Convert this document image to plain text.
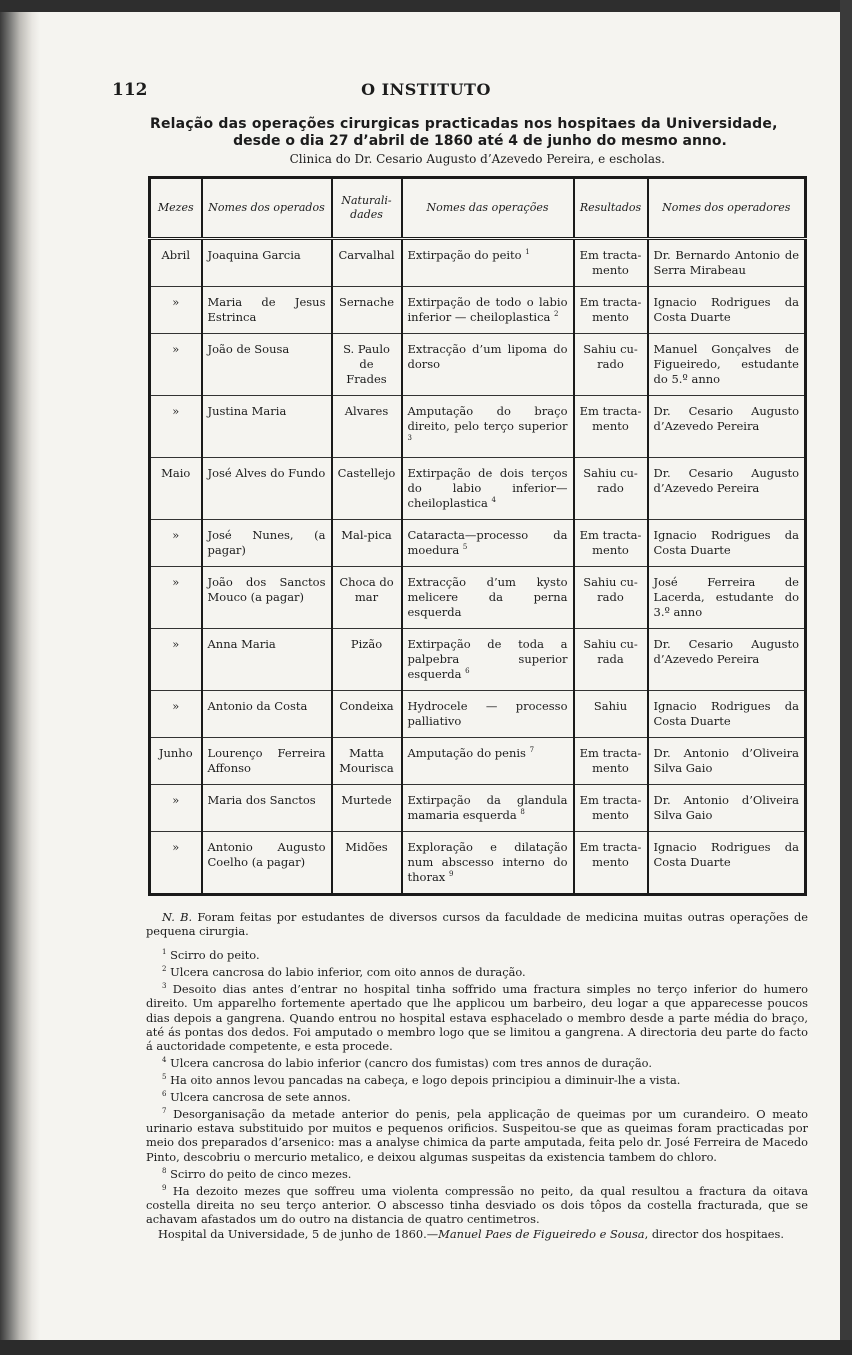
112	O INSTITUTO
Relação das operações cirurgicas practicadas nos hospitaes da Universidade,
desde o dia 27 d’abril de 1860 até 4 de junho do mesmo anno.
Clinica do Dr. Cesario Augusto d’Azevedo Pereira, e escholas.
Mezes	Nomes dos operados	Naturali-dades	Nomes das operações	Resultados	Nomes dos operadores
Abril	Joaquina Garcia	Carvalhal	Extirpação do peito $^1$	Em tracta-mento	Dr. Bernardo Antonio de Serra Mirabeau
»	Maria de Jesus Estrinca	Sernache	Extirpação de todo o labio inferior — cheiloplastica $^2$	Em tracta-mento	Ignacio Rodrigues da Costa Duarte
»	João de Sousa	S. Paulo de Frades	Extracção d’um lipoma do dorso	Sahiu cu-rado	Manuel Gonçalves de Figueiredo, estudante do 5.º anno
»	Justina Maria	Alvares	Amputação do braço direito, pelo terço superior $^3$	Em tracta-mento	Dr. Cesario Augusto d’Azevedo Pereira
Maio	José Alves do Fundo	Castellejo	Extirpação de dois terços do labio inferior—cheiloplastica $^4$	Sahiu cu-rado	Dr. Cesario Augusto d’Azevedo Pereira
»	José Nunes, (a pagar)	Mal-pica	Cataracta—processo da moedura $^5$	Em tracta-mento	Ignacio Rodrigues da Costa Duarte
»	João dos Sanctos Mouco (a pagar)	Choca do mar	Extracção d’um kysto melicere da perna esquerda	Sahiu cu-rado	José Ferreira de Lacerda, estudante do 3.º anno
»	Anna Maria	Pizão	Extirpação de toda a palpebra superior esquerda $^6$	Sahiu cu-rada	Dr. Cesario Augusto d’Azevedo Pereira
»	Antonio da Costa	Condeixa	Hydrocele — processo palliativo	Sahiu	Ignacio Rodrigues da Costa Duarte
Junho	Lourenço Ferreira Affonso	Matta Mourisca	Amputação do penis $^7$	Em tracta-mento	Dr. Antonio d’Oliveira Silva Gaio
»	Maria dos Sanctos	Murtede	Extirpação da glandula mamaria esquerda $^8$	Em tracta-mento	Dr. Antonio d’Oliveira Silva Gaio
»	Antonio Augusto Coelho (a pagar)	Midões	Exploração e dilatação num abscesso interno do thorax $^9$	Em tracta-mento	Ignacio Rodrigues da Costa Duarte

N. B. Foram feitas por estudantes de diversos cursos da faculdade de medicina muitas outras operações de pequena cirurgia.

$^1$ Scirro do peito.

$^2$ Ulcera cancrosa do labio inferior, com oito annos de duração.

$^3$ Desoito dias antes d’entrar no hospital tinha soffrido uma fractura simples no terço inferior do humero direito. Um apparelho fortemente apertado que lhe applicou um barbeiro, deu logar a que apparecesse poucos dias depois a gangrena. Quando entrou no hospital estava esphacelado o membro desde a parte média do braço, até ás pontas dos dedos. Foi amputado o membro logo que se limitou a gangrena. A directoria deu parte do facto á auctoridade competente, e esta procede.

$^4$ Ulcera cancrosa do labio inferior (cancro dos fumistas) com tres annos de duração.

$^5$ Ha oito annos levou pancadas na cabeça, e logo depois principiou a diminuir-lhe a vista.

$^6$ Ulcera cancrosa de sete annos.

$^7$ Desorganisação da metade anterior do penis, pela applicação de queimas por um curandeiro. O meato urinario estava substituido por muitos e pequenos orificios. Suspeitou-se que as queimas foram practicadas por meio dos preparados d’arsenico: mas a analyse chimica da parte amputada, feita pelo dr. José Ferreira de Macedo Pinto, descobriu o mercurio metalico, e deixou algumas suspeitas da existencia tambem do chloro.

$^8$ Scirro do peito de cinco mezes.

$^9$ Ha dezoito mezes que soffreu uma violenta compressão no peito, da qual resultou a fractura da oitava costella direita no seu terço anterior. O abscesso tinha desviado os dois tôpos da costella fracturada, que se achavam afastados um do outro na distancia de quatro centimetros.

Hospital da Universidade, 5 de junho de 1860.—Manuel Paes de Figueiredo e Sousa, director dos hospitaes.
